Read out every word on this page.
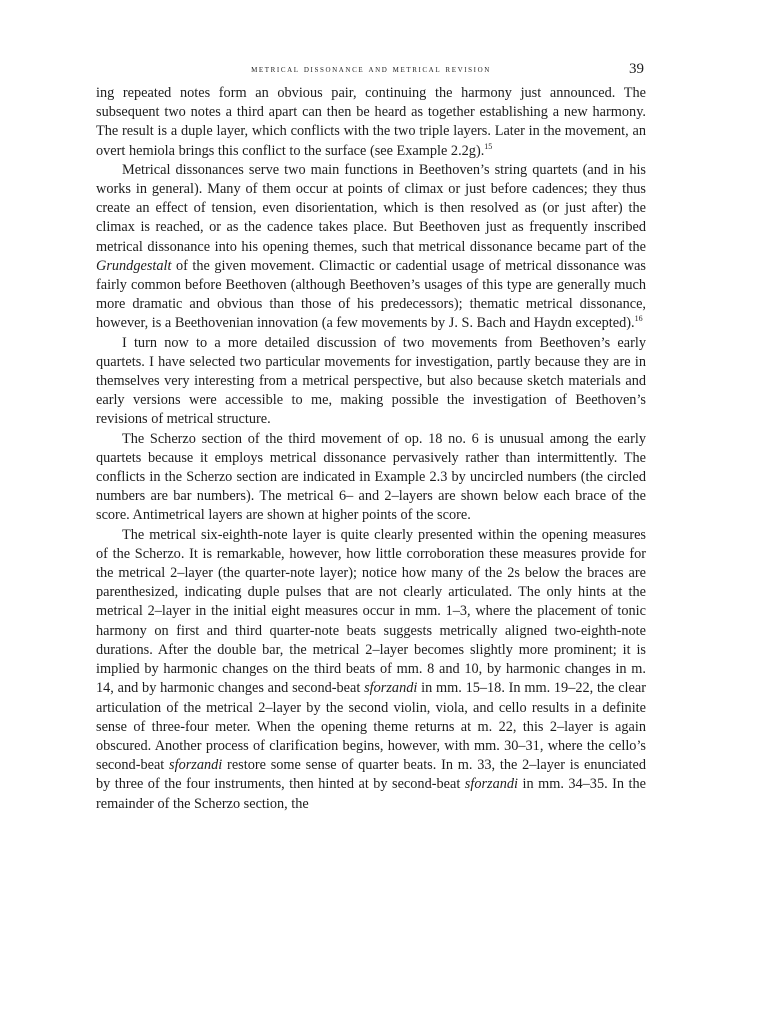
metrical dissonance and metrical revision	39

ing repeated notes form an obvious pair, continuing the harmony just announced. The subsequent two notes a third apart can then be heard as together establishing a new harmony. The result is a duple layer, which conflicts with the two triple layers. Later in the movement, an overt hemiola brings this conflict to the surface (see Example 2.2g).$^{15}$

Metrical dissonances serve two main functions in Beethoven’s string quartets (and in his works in general). Many of them occur at points of climax or just before cadences; they thus create an effect of tension, even disorientation, which is then resolved as (or just after) the climax is reached, or as the cadence takes place. But Beethoven just as frequently inscribed metrical dissonance into his opening themes, such that metrical dissonance became part of the Grundgestalt of the given movement. Climactic or cadential usage of metrical dissonance was fairly common before Beethoven (although Beethoven’s usages of this type are generally much more dramatic and obvious than those of his predecessors); thematic metrical dissonance, however, is a Beethovenian innovation (a few movements by J. S. Bach and Haydn excepted).$^{16}$

I turn now to a more detailed discussion of two movements from Beethoven’s early quartets. I have selected two particular movements for investigation, partly because they are in themselves very interesting from a metrical perspective, but also because sketch materials and early versions were accessible to me, making possible the investigation of Beethoven’s revisions of metrical structure.

The Scherzo section of the third movement of op. 18 no. 6 is unusual among the early quartets because it employs metrical dissonance pervasively rather than intermittently. The conflicts in the Scherzo section are indicated in Example 2.3 by uncircled numbers (the circled numbers are bar numbers). The metrical 6– and 2–layers are shown below each brace of the score. Antimetrical layers are shown at higher points of the score.

The metrical six-eighth-note layer is quite clearly presented within the opening measures of the Scherzo. It is remarkable, however, how little corroboration these measures provide for the metrical 2–layer (the quarter-note layer); notice how many of the 2s below the braces are parenthesized, indicating duple pulses that are not clearly articulated. The only hints at the metrical 2–layer in the initial eight measures occur in mm. 1–3, where the placement of tonic harmony on first and third quarter-note beats suggests metrically aligned two-eighth-note durations. After the double bar, the metrical 2–layer becomes slightly more prominent; it is implied by harmonic changes on the third beats of mm. 8 and 10, by harmonic changes in m. 14, and by harmonic changes and second-beat sforzandi in mm. 15–18. In mm. 19–22, the clear articulation of the metrical 2–layer by the second violin, viola, and cello results in a definite sense of three-four meter. When the opening theme returns at m. 22, this 2–layer is again obscured. Another process of clarification begins, however, with mm. 30–31, where the cello’s second-beat sforzandi restore some sense of quarter beats. In m. 33, the 2–layer is enunciated by three of the four instruments, then hinted at by second-beat sforzandi in mm. 34–35. In the remainder of the Scherzo section, the
